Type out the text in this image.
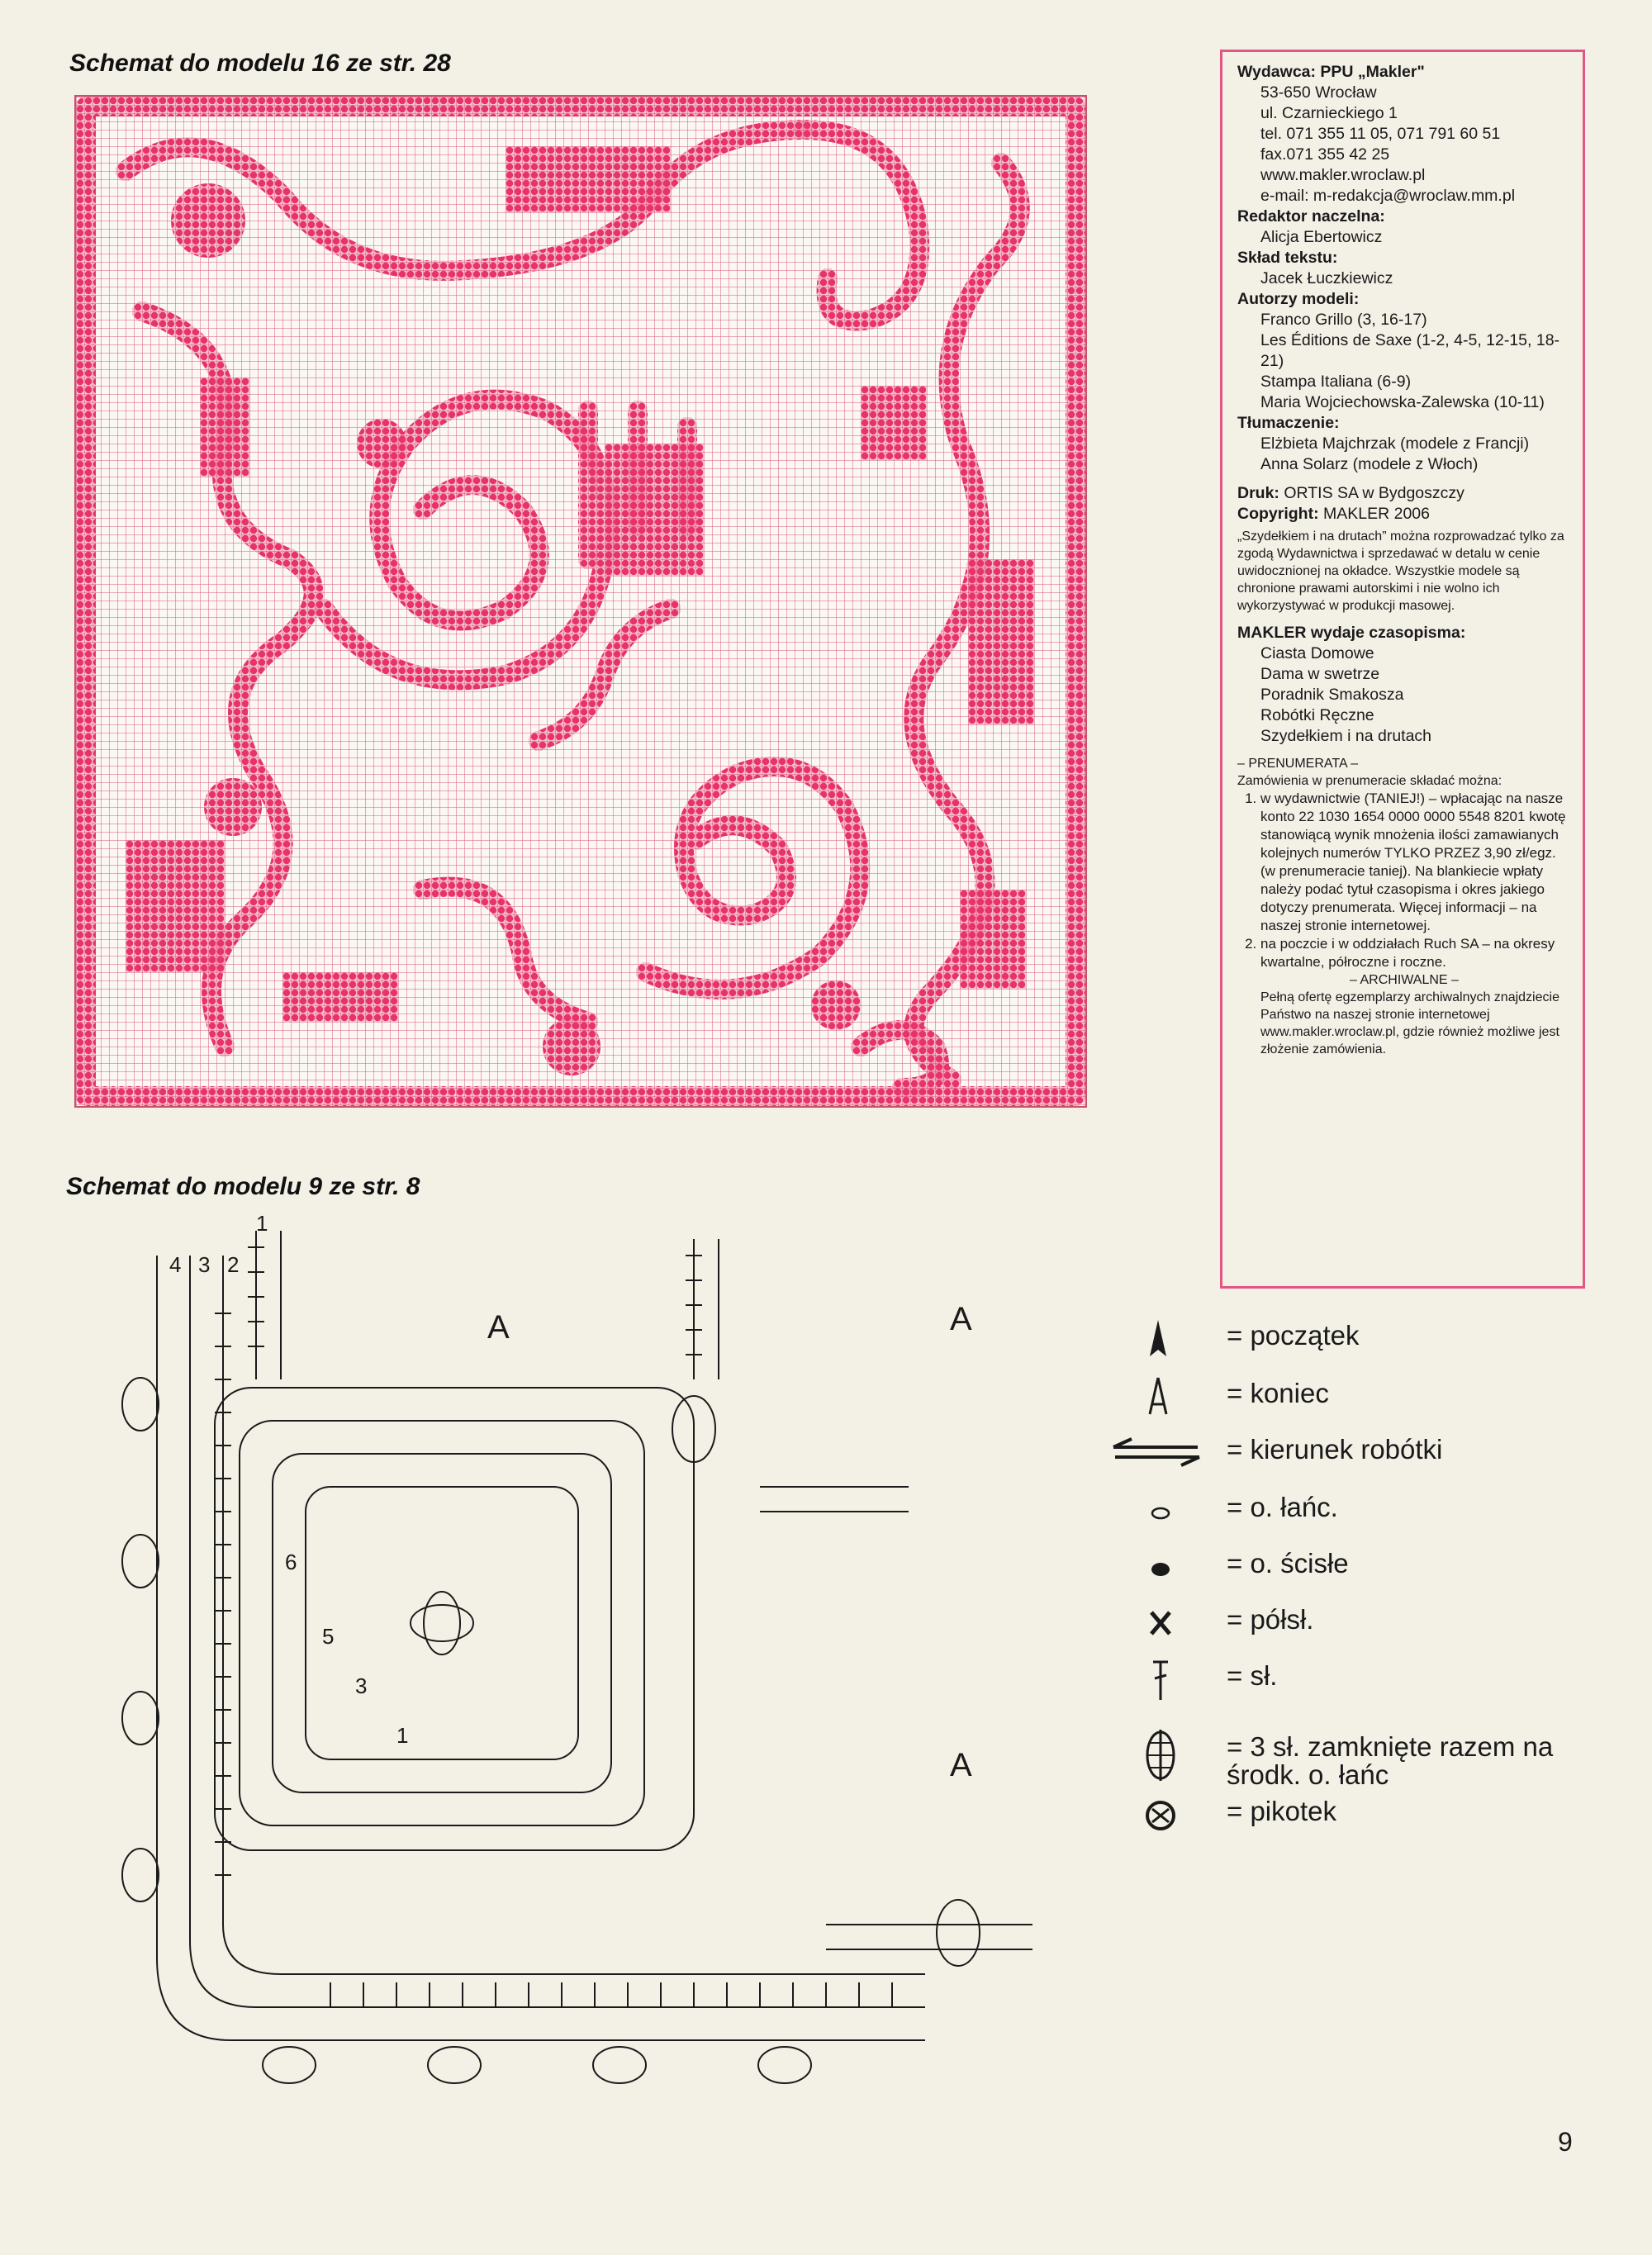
Schemat do modelu 16 ze str. 28
Schemat do modelu 9 ze str. 8
Wydawca: PPU „Makler"
53-650 Wrocław
ul. Czarnieckiego 1
tel. 071 355 11 05, 071 791 60 51
fax.071 355 42 25
www.makler.wroclaw.pl
e-mail: m-redakcja@wroclaw.mm.pl
Redaktor naczelna:
Alicja Ebertowicz
Skład tekstu:
Jacek Łuczkiewicz
Autorzy modeli:
Franco Grillo (3, 16-17)
Les Éditions de Saxe (1-2, 4-5, 12-15, 18-21)
Stampa Italiana (6-9)
Maria Wojciechowska-Zalewska (10-11)
Tłumaczenie:
Elżbieta Majchrzak (modele z Francji)
Anna Solarz (modele z Włoch)
Druk: ORTIS SA w Bydgoszczy
Copyright: MAKLER 2006
„Szydełkiem i na drutach” można rozprowadzać tylko za zgodą Wydawnictwa i sprzedawać w detalu w cenie uwidocznionej na okładce. Wszystkie modele są chronione prawami autorskimi i nie wolno ich wykorzystywać w produkcji masowej.
MAKLER wydaje czasopisma:
Ciasta Domowe
Dama w swetrze
Poradnik Smakosza
Robótki Ręczne
Szydełkiem i na drutach
– PRENUMERATA –
Zamówienia w prenumeracie składać można:
1. w wydawnictwie (TANIEJ!) – wpłacając na nasze konto 22 1030 1654 0000 0000 5548 8201 kwotę stanowiącą wynik mnożenia ilości zamawianych kolejnych numerów TYLKO PRZEZ 3,90 zł/egz. (w prenumeracie taniej). Na blankiecie wpłaty należy podać tytuł czasopisma i okres jakiego dotyczy prenumerata. Więcej informacji – na naszej stronie internetowej.
2. na poczcie i w oddziałach Ruch SA – na okresy kwartalne, półroczne i roczne.
– ARCHIWALNE –
Pełną ofertę egzemplarzy archiwalnych znajdziecie Państwo na naszej stronie internetowej www.makler.wroclaw.pl, gdzie również możliwe jest złożenie zamówienia.
6
5
3
1
4 3 2
1
A	A
A
= początek
= koniec
= kierunek robótki
= o. łańc.
= o. ścisłe
= półsł.
= sł.
= 3 sł. zamknięte razem na środk. o. łańc
= pikotek
9
